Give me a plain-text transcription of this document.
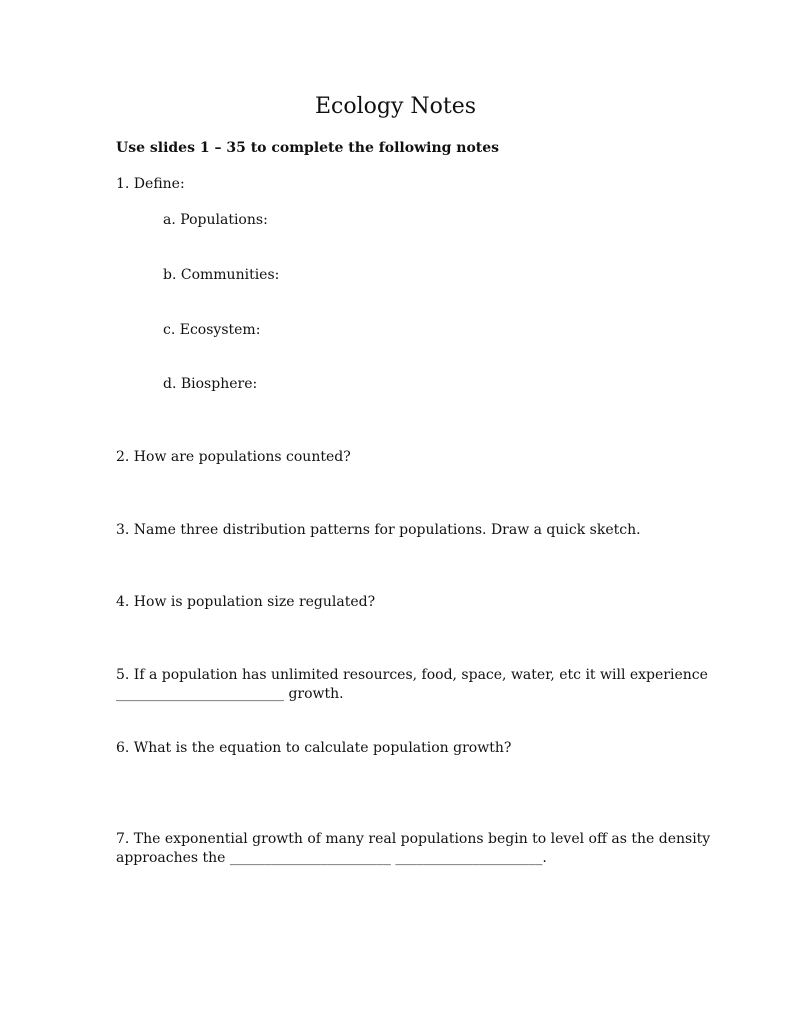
Ecology Notes
Use slides 1 – 35 to complete the following notes
1. Define:
a. Populations:
b. Communities:
c. Ecosystem:
d. Biosphere:
2. How are populations counted?
3. Name three distribution patterns for populations. Draw a quick sketch.
4. How is population size regulated?
5. If a population has unlimited resources, food, space, water, etc it will experience
________________________ growth.
6. What is the equation to calculate population growth?
7. The exponential growth of many real populations begin to level off as the density
approaches the _______________________ _____________________.
